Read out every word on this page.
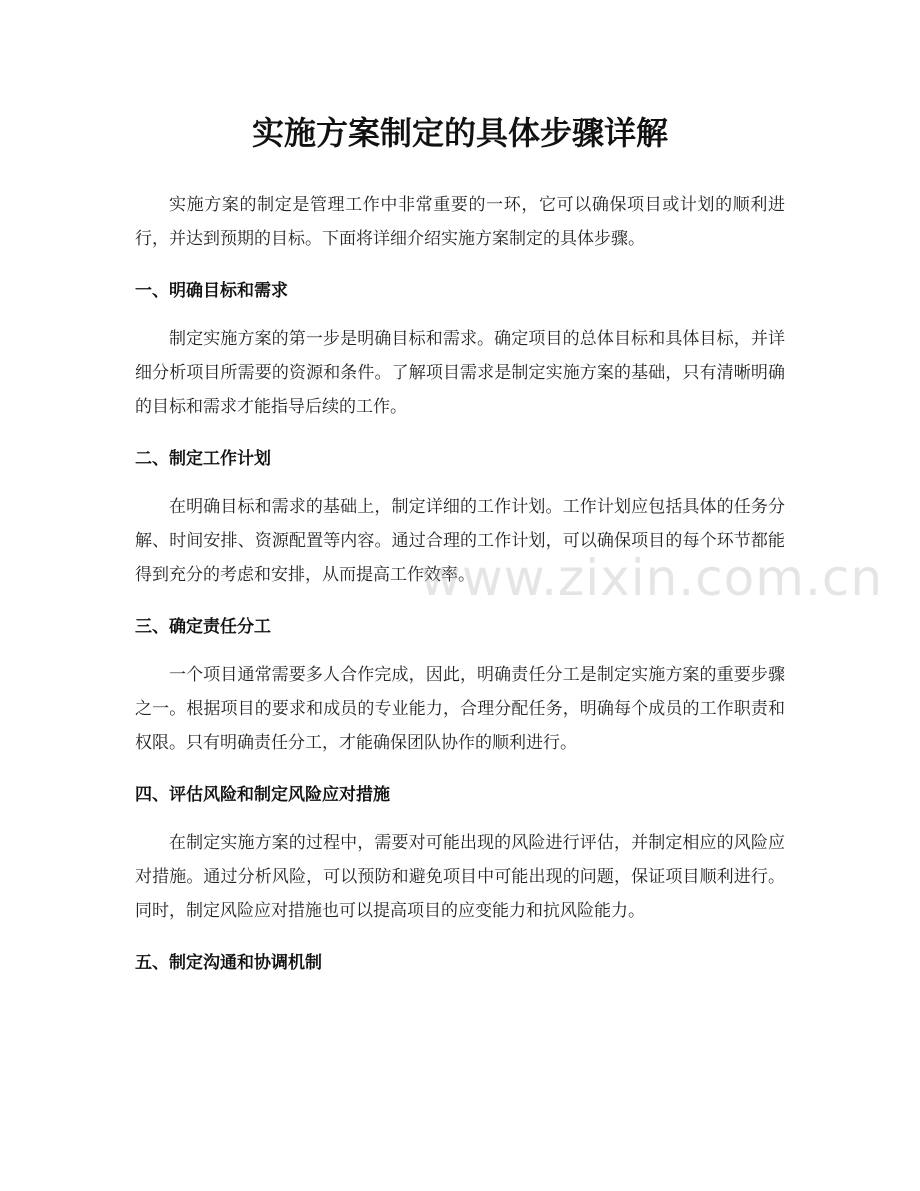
实施方案制定的具体步骤详解

实施方案的制定是管理工作中非常重要的一环，它可以确保项目或计划的顺利进行，并达到预期的目标。下面将详细介绍实施方案制定的具体步骤。

一、明确目标和需求

制定实施方案的第一步是明确目标和需求。确定项目的总体目标和具体目标，并详细分析项目所需要的资源和条件。了解项目需求是制定实施方案的基础，只有清晰明确的目标和需求才能指导后续的工作。

二、制定工作计划

在明确目标和需求的基础上，制定详细的工作计划。工作计划应包括具体的任务分解、时间安排、资源配置等内容。通过合理的工作计划，可以确保项目的每个环节都能得到充分的考虑和安排，从而提高工作效率。

三、确定责任分工

一个项目通常需要多人合作完成，因此，明确责任分工是制定实施方案的重要步骤之一。根据项目的要求和成员的专业能力，合理分配任务，明确每个成员的工作职责和权限。只有明确责任分工，才能确保团队协作的顺利进行。

四、评估风险和制定风险应对措施

在制定实施方案的过程中，需要对可能出现的风险进行评估，并制定相应的风险应对措施。通过分析风险，可以预防和避免项目中可能出现的问题，保证项目顺利进行。同时，制定风险应对措施也可以提高项目的应变能力和抗风险能力。

五、制定沟通和协调机制
www.zixin.com.cn
